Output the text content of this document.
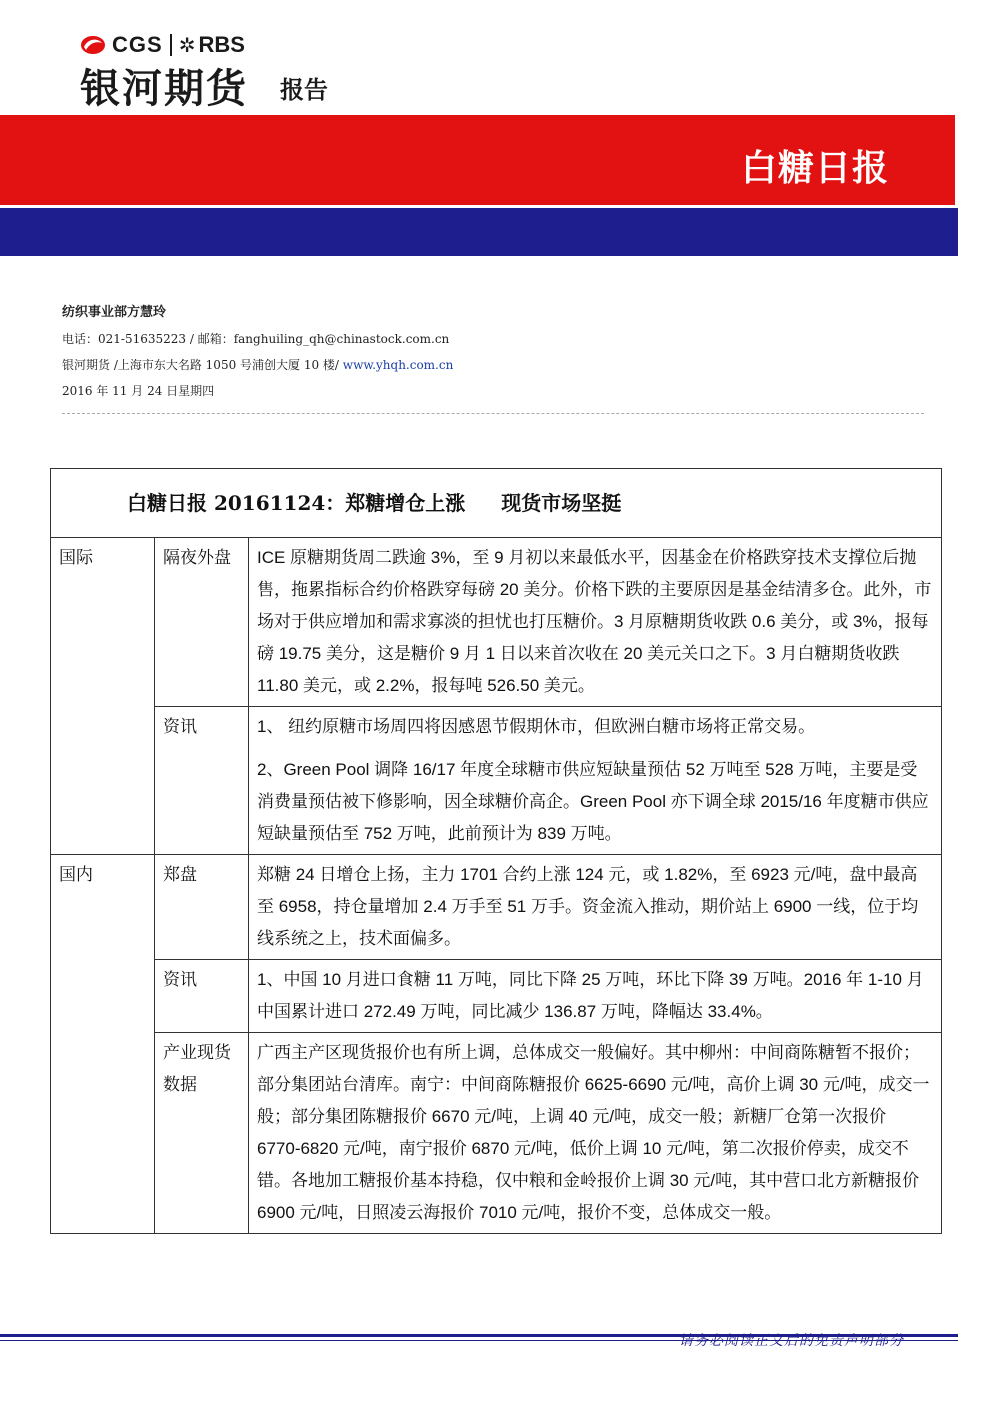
CGS ✲ RBS
银河期货 报告
白糖日报
纺织事业部方慧玲
电话：021-51635223 / 邮箱：fanghuiling_qh@chinastock.com.cn
银河期货 /上海市东大名路 1050 号浦创大厦 10 楼/ www.yhqh.com.cn
2016 年 11 月 24 日星期四
白糖日报 20161124：郑糖增仓上涨 现货市场坚挺		
国际	隔夜外盘	ICE 原糖期货周二跌逾 3%，至 9 月初以来最低水平，因基金在价格跌穿技术支撑位后抛售，拖累指标合约价格跌穿每磅 20 美分。价格下跌的主要原因是基金结清多仓。此外，市场对于供应增加和需求寡淡的担忧也打压糖价。3 月原糖期货收跌 0.6 美分，或 3%，报每磅 19.75 美分，这是糖价 9 月 1 日以来首次收在 20 美元关口之下。3 月白糖期货收跌 11.80 美元，或 2.2%，报每吨 526.50 美元。

	资讯	1、 纽约原糖市场周四将因感恩节假期休市，但欧洲白糖市场将正常交易。

2、Green Pool 调降 16/17 年度全球糖市供应短缺量预估 52 万吨至 528 万吨，主要是受消费量预估被下修影响，因全球糖价高企。Green Pool 亦下调全球 2015/16 年度糖市供应短缺量预估至 752 万吨，此前预计为 839 万吨。

国内	郑盘	郑糖 24 日增仓上扬，主力 1701 合约上涨 124 元，或 1.82%，至 6923 元/吨，盘中最高至 6958，持仓量增加 2.4 万手至 51 万手。资金流入推动，期价站上 6900 一线，位于均线系统之上，技术面偏多。

	资讯	1、中国 10 月进口食糖 11 万吨，同比下降 25 万吨，环比下降 39 万吨。2016 年 1-10 月中国累计进口 272.49 万吨，同比减少 136.87 万吨，降幅达 33.4%。

	产业现货数据	广西主产区现货报价也有所上调，总体成交一般偏好。其中柳州：中间商陈糖暂不报价；部分集团站台清库。南宁：中间商陈糖报价 6625-6690 元/吨，高价上调 30 元/吨，成交一般；部分集团陈糖报价 6670 元/吨，上调 40 元/吨，成交一般；新糖厂仓第一次报价 6770-6820 元/吨，南宁报价 6870 元/吨，低价上调 10 元/吨，第二次报价停卖，成交不错。各地加工糖报价基本持稳，仅中粮和金岭报价上调 30 元/吨，其中营口北方新糖报价 6900 元/吨，日照凌云海报价 7010 元/吨，报价不变，总体成交一般。

请务必阅读正文后的免责声明部分
